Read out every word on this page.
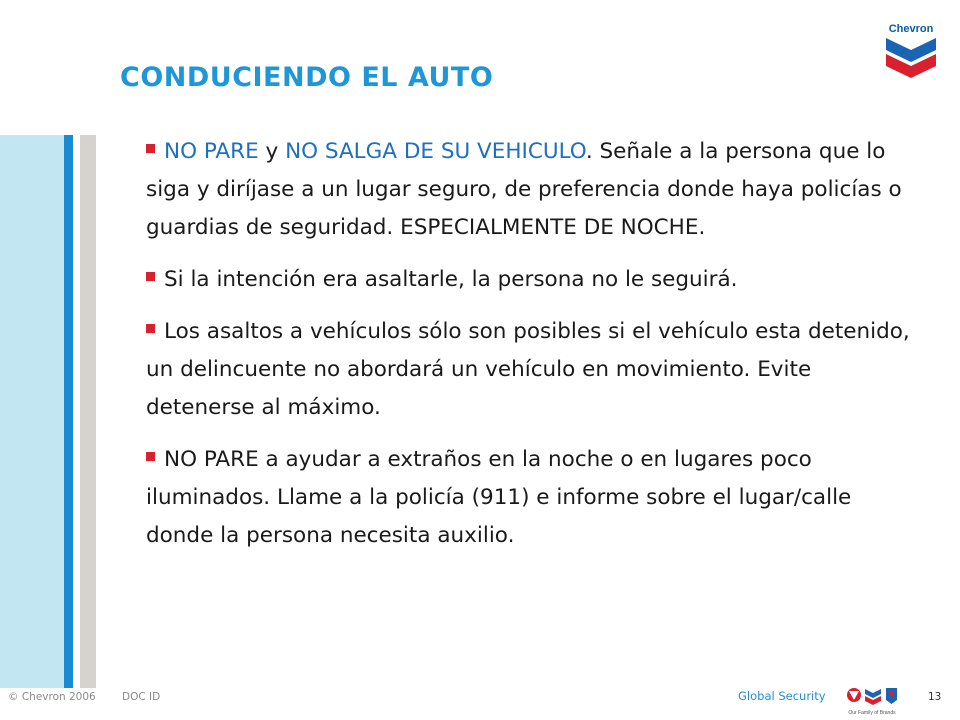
CONDUCIENDO EL AUTO
Chevron

NO PARE y NO SALGA DE SU VEHICULO. Señale a la persona que lo siga y diríjase a un lugar seguro, de preferencia donde haya policías o guardias de seguridad. ESPECIALMENTE DE NOCHE.

Si la intención era asaltarle, la persona no le seguirá.

Los asaltos a vehículos sólo son posibles si el vehículo esta detenido, un delincuente no abordará un vehículo en movimiento. Evite detenerse al máximo.

NO PARE a ayudar a extraños en la noche o en lugares poco iluminados. Llame a la policía (911) e informe sobre el lugar/calle donde la persona necesita auxilio.

© Chevron 2006	DOC ID	Global Security
Our Family of Brands
13
